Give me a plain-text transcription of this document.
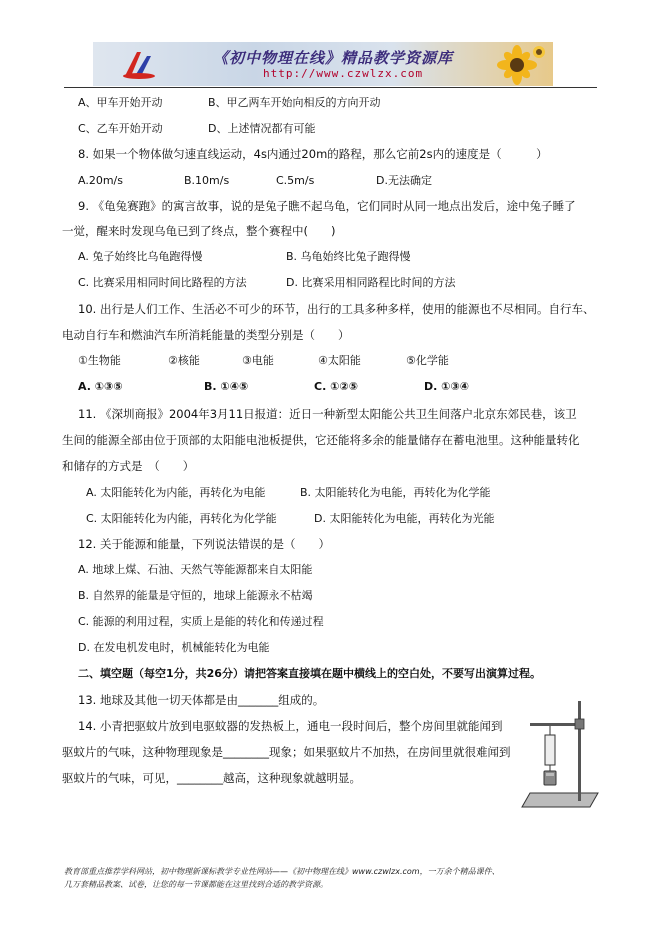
《初中物理在线》精品教学资源库
http://www.czwlzx.com
A、甲车开始开动	B、甲乙两车开始向相反的方向开动
C、乙车开始开动	D、上述情况都有可能
8. 如果一个物体做匀速直线运动，4s内通过20m的路程，那么它前2s内的速度是（　　　）
A.20m/s	B.10m/s	C.5m/s	D.无法确定
9. 《龟兔赛跑》的寓言故事，说的是兔子瞧不起乌龟，它们同时从同一地点出发后，途中兔子睡了
一觉，醒来时发现乌龟已到了终点，整个赛程中(　　)
A. 兔子始终比乌龟跑得慢	B. 乌龟始终比兔子跑得慢
C. 比赛采用相同时间比路程的方法	D. 比赛采用相同路程比时间的方法
10. 出行是人们工作、生活必不可少的环节，出行的工具多种多样，使用的能源也不尽相同。自行车、
电动自行车和燃油汽车所消耗能量的类型分别是（　　）
①生物能	②核能	③电能	④太阳能	⑤化学能
A. ①③⑤	B. ①④⑤	C. ①②⑤	D. ①③④
11. 《深圳商报》2004年3月11日报道：近日一种新型太阳能公共卫生间落户北京东郊民巷，该卫
生间的能源全部由位于顶部的太阳能电池板提供，它还能将多余的能量储存在蓄电池里。这种能量转化
和储存的方式是　（　　）
A. 太阳能转化为内能，再转化为电能	B. 太阳能转化为电能，再转化为化学能
C. 太阳能转化为内能，再转化为化学能	D. 太阳能转化为电能，再转化为光能
12. 关于能源和能量，下列说法错误的是（　　）
A. 地球上煤、石油、天然气等能源都来自太阳能
B. 自然界的能量是守恒的，地球上能源永不枯竭
C. 能源的利用过程，实质上是能的转化和传递过程
D. 在发电机发电时，机械能转化为电能
二、填空题（每空1分，共26分）请把答案直接填在题中横线上的空白处，不要写出演算过程。
13. 地球及其他一切天体都是由_______组成的。
14. 小青把驱蚊片放到电驱蚊器的发热板上，通电一段时间后，整个房间里就能闻到
驱蚊片的气味，这种物理现象是________现象；如果驱蚊片不加热，在房间里就很难闻到
驱蚊片的气味，可见，________越高，这种现象就越明显。
教育部重点推荐学科网站，初中物理新课标教学专业性网站——《初中物理在线》www.czwlzx.com，一万余个精品课件、
几万套精品教案、试卷，让您的每一节课都能在这里找到合适的教学资源。
